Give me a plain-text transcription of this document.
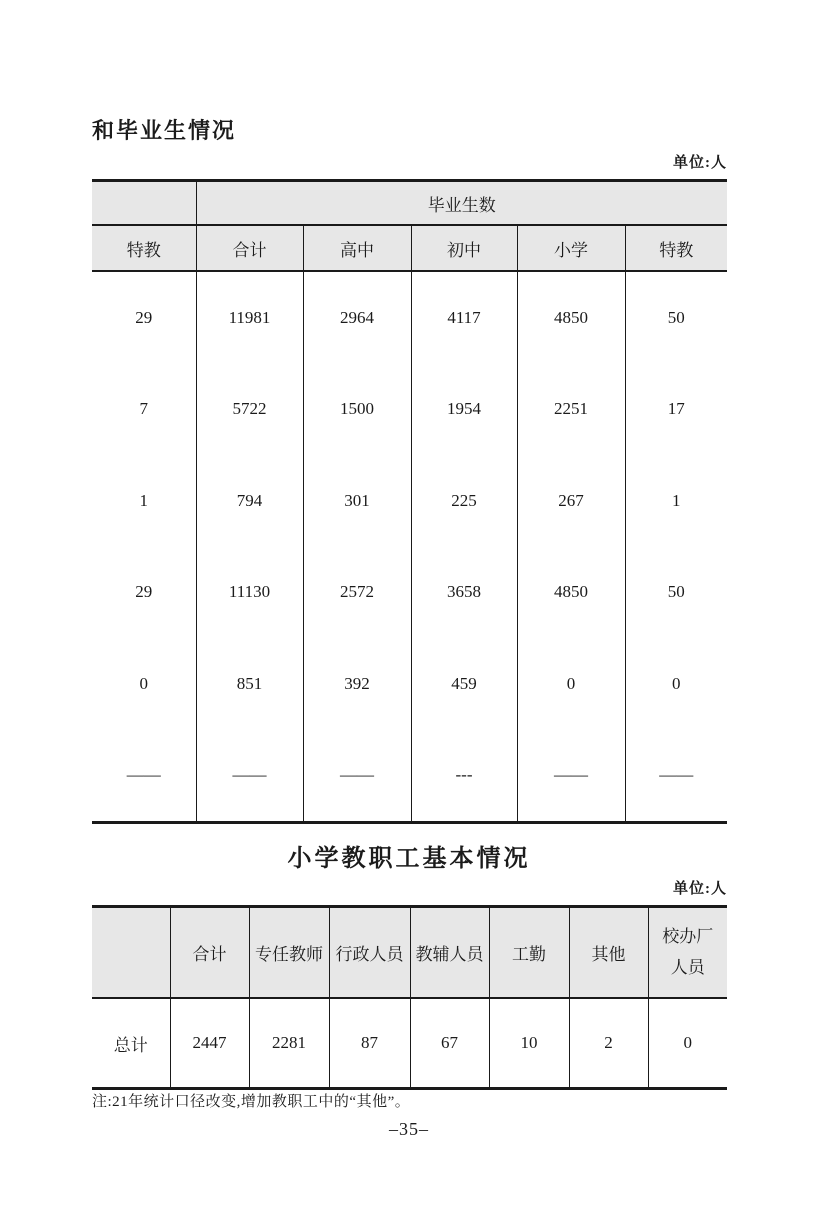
和毕业生情况
单位:人
	毕业生数				
特教	合计	高中	初中	小学	特教
29	11981	2964	4117	4850	50
7	5722	1500	1954	2251	17
1	794	301	225	267	1
29	11130	2572	3658	4850	50
0	851	392	459	0	0
——	——	——	---	——	——
小学教职工基本情况
单位:人
	合计	专任教师	行政人员	教辅人员	工勤	其他	校办厂人员
总计	2447	2281	87	67	10	2	0
注:21年统计口径改变,增加教职工中的“其他”。
–35–
